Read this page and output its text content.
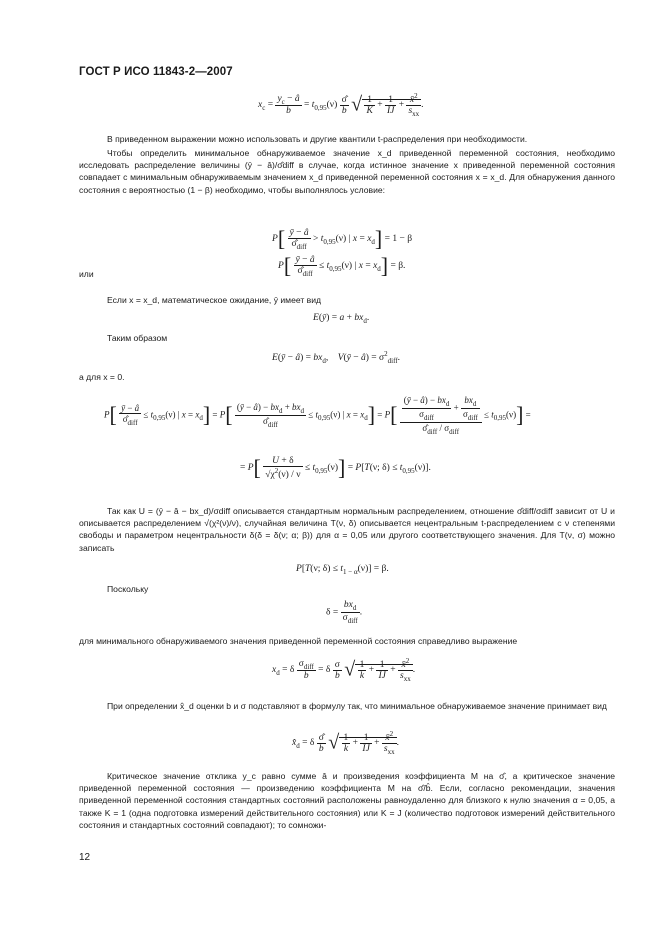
ГОСТ Р ИСО 11843-2—2007
$x_c = \frac{y_c - â}{b} = t_{0,95}(\nu) \frac{\sigmâ}{b}$ √ $\frac{1}{K} + \frac{1}{IJ} + \frac{x̄^2}{s_{xx}}$ .
В приведенном выражении можно использовать и другие квантили t-распределения при необходимости.
Чтобы определить минимальное обнаруживаемое значение x_d приведенной переменной состояния, необходимо исследовать распределение величины (ȳ − â)/σ̂diff в случае, когда истинное значение x приведенной переменной состояния совпадает с минимальным обнаруживаемым значением x_d приведенной переменной состояния x = x_d. Для обнаружения данного состояния с вероятностью (1 − β) необходимо, чтобы выполнялось условие:
$P[ \frac{ȳ - â}{\sigmâ_{diff}} > t_{0,95}(\nu)$ | $x = x_d] = 1 - \beta$
или
$P[ \frac{ȳ - â}{\sigmâ_{diff}} \le t_{0,95}(\nu)$ | $x = x_d] = \beta$.
Если x = x_d, математическое ожидание, ȳ имеет вид
E(ȳ) = $a + bx_d$.
Таким образом
E(ȳ − â) = $bx_d$,    V(ȳ − â) = $\sigma^2_{diff}$.
а для x = 0.
$P[ \frac{ȳ - â}{\sigmâ_{diff}} \le t_{0,95}(\nu)$ | $x = x_d] = P[ \frac{(ȳ - â) - bx_d + bx_d}{\sigmâ_{diff}} \le t_{0,95}(\nu)$ | $x = x_d] = P[ \frac{\frac{(ȳ - â) - bx_d}{\sigma_{diff}} + \frac{bx_d}{\sigma_{diff}}}{\sigmâ_{diff} / \sigma_{diff}} \le t_{0,95}(\nu)]$ =
= $P[ \frac{U + \delta}{√\chi^2(\nu) / \nu} \le t_{0,95}(\nu)] = P[T(\nu$; $\delta) \le t_{0,95}(\nu)$].
Так как U = (ȳ − â − bx_d)/σdiff описывается стандартным нормальным распределением, отношение σ̂diff/σdiff зависит от U и описывается распределением √(χ²(ν)/ν), случайная величина T(ν, δ) описывается нецентральным t-распределением с ν степенями свободы и параметром нецентральности δ(δ = δ(ν; α; β)) для α = 0,05 или другого соответствующего значения. Для T(ν, σ) можно записать
P[T(ν; $\delta) \le t_{1 - \alpha}(\nu)] = \beta$.
Поскольку
$\delta = \frac{bx_d}{\sigma_{diff}}$ .
для минимального обнаруживаемого значения приведенной переменной состояния справедливо выражение
$x_d = \delta \frac{\sigma_{diff}}{b} = \delta \frac{\sigma}{b}$ √ $\frac{1}{k} + \frac{1}{IJ} + \frac{x̄^2}{s_{xx}}$ .
При определении x̂_d оценки b и σ подставляют в формулу так, что минимальное обнаруживаемое значение принимает вид
$x̂_d = \delta \frac{\sigmâ}{b}$ √ $\frac{1}{k} + \frac{1}{IJ} + \frac{x̄^2}{s_{xx}}$ .
Критическое значение отклика y_c равно сумме â и произведения коэффициента M на σ̂, а критическое значение приведенной переменной состояния — произведению коэффициента M на σ̂/b̂. Если, согласно рекомендации, значения приведенной переменной состояния стандартных состояний расположены равноудаленно для близкого к нулю значения α = 0,05, а также K = 1 (одна подготовка измерений действительного состояния) или K = J (количество подготовок измерений действительного состояния и стандартных состояний совпадают); то сомножи-
12
